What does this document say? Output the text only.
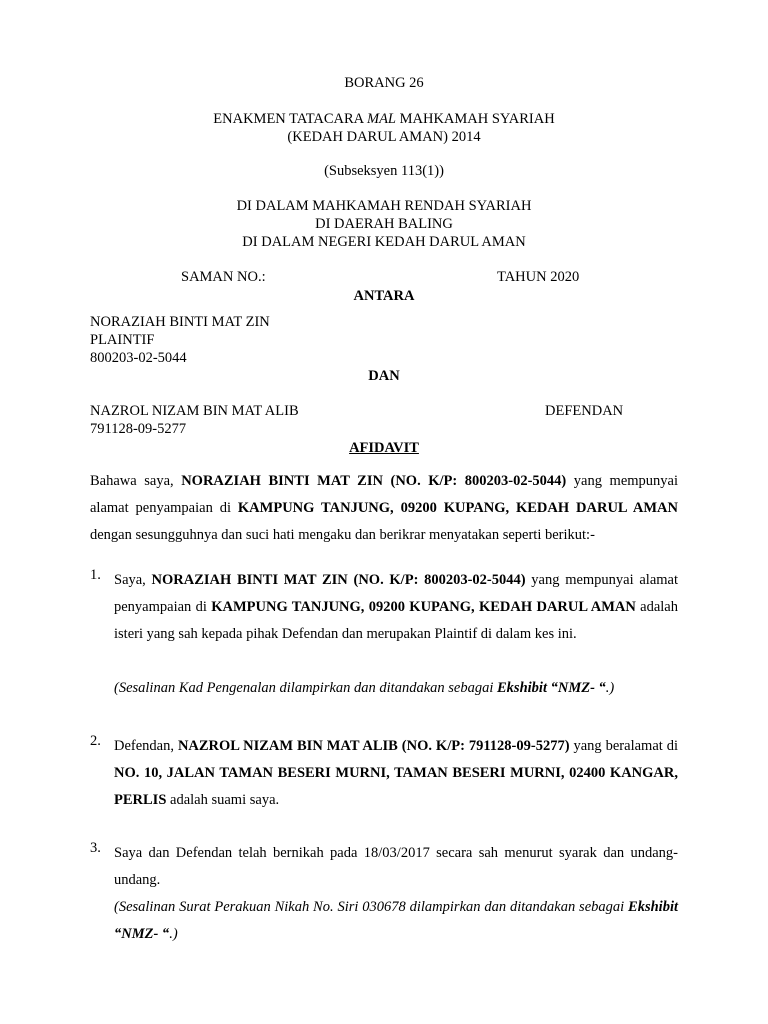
BORANG 26
ENAKMEN TATACARA MAL MAHKAMAH SYARIAH
(KEDAH DARUL AMAN) 2014
(Subseksyen 113(1))
DI DALAM MAHKAMAH RENDAH SYARIAH
DI DAERAH BALING
DI DALAM NEGERI KEDAH DARUL AMAN
SAMAN NO.:	TAHUN 2020
ANTARA
NORAZIAH BINTI MAT ZIN
PLAINTIF
800203-02-5044
DAN
NAZROL NIZAM BIN MAT ALIB	DEFENDAN
791128-09-5277
AFIDAVIT
Bahawa saya, NORAZIAH BINTI MAT ZIN (NO. K/P: 800203-02-5044) yang mempunyai alamat penyampaian di KAMPUNG TANJUNG, 09200 KUPANG, KEDAH DARUL AMAN dengan sesungguhnya dan suci hati mengaku dan berikrar menyatakan seperti berikut:-
1. Saya, NORAZIAH BINTI MAT ZIN (NO. K/P: 800203-02-5044) yang mempunyai alamat penyampaian di KAMPUNG TANJUNG, 09200 KUPANG, KEDAH DARUL AMAN adalah isteri yang sah kepada pihak Defendan dan merupakan Plaintif di dalam kes ini.
(Sesalinan Kad Pengenalan dilampirkan dan ditandakan sebagai Ekshibit “NMZ- “.)
2. Defendan, NAZROL NIZAM BIN MAT ALIB (NO. K/P: 791128-09-5277) yang beralamat di NO. 10, JALAN TAMAN BESERI MURNI, TAMAN BESERI MURNI, 02400 KANGAR, PERLIS adalah suami saya.
3. Saya dan Defendan telah bernikah pada 18/03/2017 secara sah menurut syarak dan undang-undang.
(Sesalinan Surat Perakuan Nikah No. Siri 030678 dilampirkan dan ditandakan sebagai Ekshibit “NMZ- “.)
